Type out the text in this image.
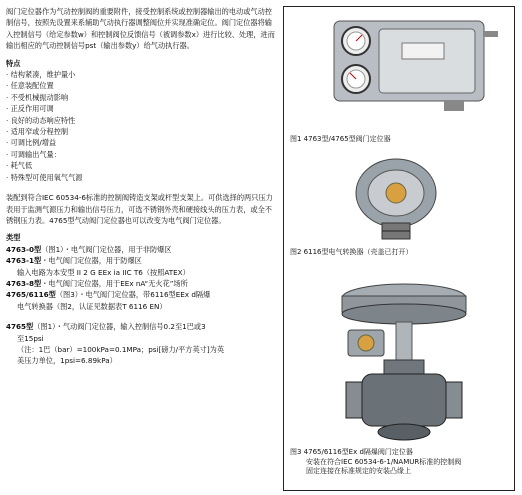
阀门定位器作为气动控制阀的重要附件，接受控制系统或控制器输出的电动或气动控制信号，按照先设置来系辅助气动执行器调整阀位并实现准确定位。阀门定位器将输入控制信号（给定参数w）和控制阀位反馈信号（被调参数x）进行比较、处理，进而输出相应的气动控制信号pst（输出参数y）给气动执行器。

特点

· 结构紧凑，维护量小
· 任意装配位置
· 不受机械振动影响
· 正反作用可调
· 良好的动态响应特性
· 适用窄或分程控制
· 可调比例/增益
· 可调输出气量：
· 耗气低
· 特殊型可使用氧气气源

装配到符合IEC 60534-6标准的控制阀铸造支架或杆型支架上。可供选择的两只压力表用于监测气源压力和输出信号压力，可选不锈钢外壳和硬接线头的压力表，或全不锈钢压力表。4765型气动阀门定位器也可以改变为电气阀门定位器。

类型

4763-0型（图1）・电气阀门定位器，用于非防爆区

4763-1型・电气阀门定位器，用于防爆区

输入电路为本安型 II 2 G EEx ia IIC T6（按照ATEX）

4763-8型・电气阀门定位器，用于EEx nA“无火花”场所

4765/6116型（图3）・电气阀门定位器，带6116型EEx d隔爆

电气转换器（图2，认证见数据表T 6116 EN）

4765型（图1）・气动阀门定位器，输入控制信号0.2至1巴或3

至15psi

（注：1巴（bar）=100kPa=0.1MPa；psi[磅力/平方英寸]为英

美压力单位，1psi=6.89kPa）

图1 4763型/4765型阀门定位器
图2 6116型电气转换器（壳盖已打开）
图3 4765/6116型Ex d隔爆阀门定位器
安装在符合IEC 60534-6-1/NAMUR标准的控制阀
固定连接在标准规定的安装凸缘上
